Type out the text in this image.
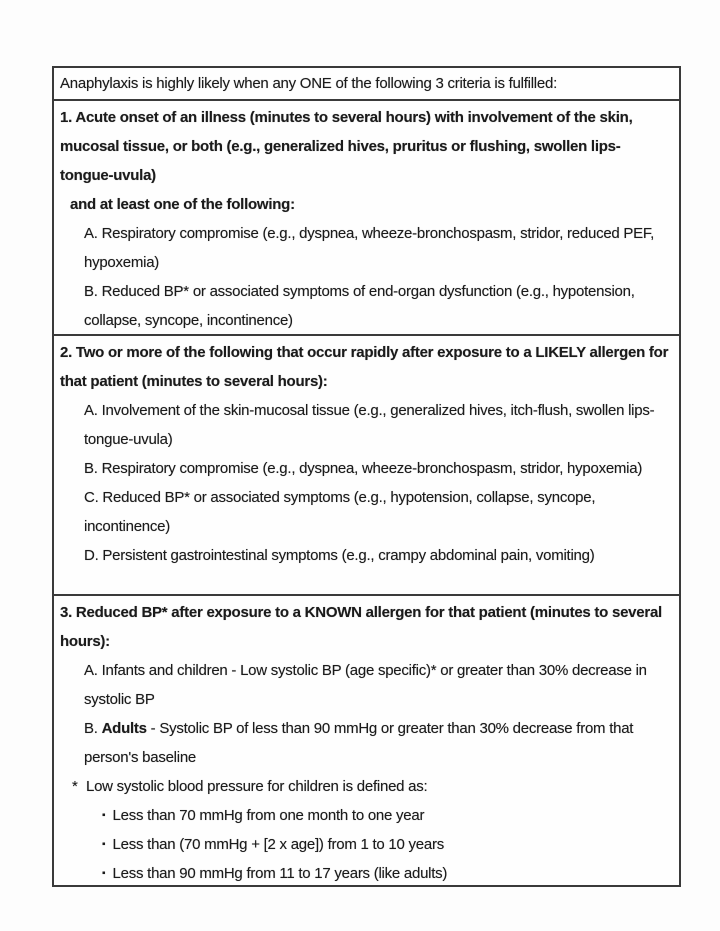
Anaphylaxis is highly likely when any ONE of the following 3 criteria is fulfilled:

1. Acute onset of an illness (minutes to several hours) with involvement of the skin, mucosal tissue, or both (e.g., generalized hives, pruritus or flushing, swollen lips-tongue-uvula)

and at least one of the following:

A. Respiratory compromise (e.g., dyspnea, wheeze-bronchospasm, stridor, reduced PEF, hypoxemia)

B. Reduced BP* or associated symptoms of end-organ dysfunction (e.g., hypotension, collapse, syncope, incontinence)

2. Two or more of the following that occur rapidly after exposure to a LIKELY allergen for that patient (minutes to several hours):

A. Involvement of the skin-mucosal tissue (e.g., generalized hives, itch-flush, swollen lips-tongue-uvula)

B. Respiratory compromise (e.g., dyspnea, wheeze-bronchospasm, stridor, hypoxemia)

C. Reduced BP* or associated symptoms (e.g., hypotension, collapse, syncope, incontinence)

D. Persistent gastrointestinal symptoms (e.g., crampy abdominal pain, vomiting)

3. Reduced BP* after exposure to a KNOWN allergen for that patient (minutes to several hours):

A. Infants and children - Low systolic BP (age specific)* or greater than 30% decrease in systolic BP

B. Adults - Systolic BP of less than 90 mmHg or greater than 30% decrease from that person's baseline

* Low systolic blood pressure for children is defined as:

▪ Less than 70 mmHg from one month to one year

▪ Less than (70 mmHg + [2 x age]) from 1 to 10 years

▪ Less than 90 mmHg from 11 to 17 years (like adults)
